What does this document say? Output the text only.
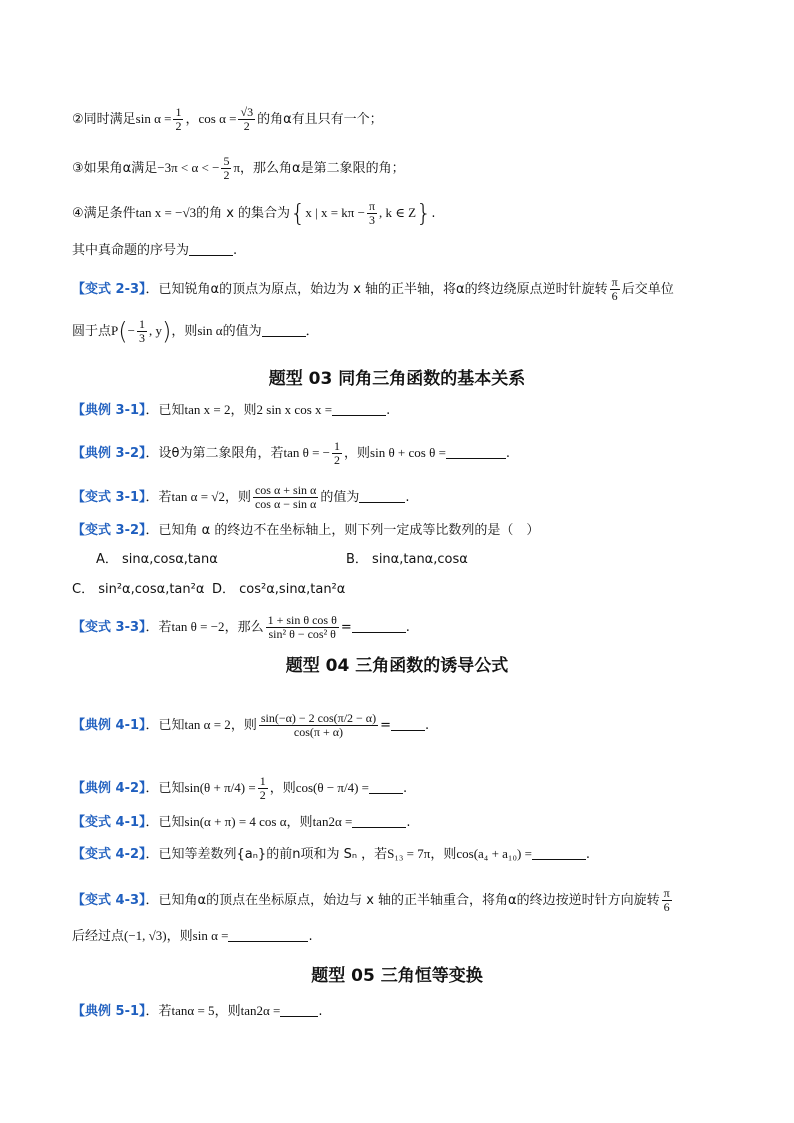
②同时满足$\sin \alpha = \frac{1}{2}$ ，$\cos \alpha = \frac{√3}{2}$ 的角α有且只有一个；
③如果角α满足−3π < α < − $\frac{5}{2}$ π，那么角α是第二象限的角；
④满足条件tan x = −√3的角 x 的集合为{x | $x = k\pi - \frac{\pi}{3}$ , k ∈ Z}.
其中真命题的序号为	.
【变式 2-3】．已知锐角α的顶点为原点，始边为 x 轴的正半轴，将α的终边绕原点逆时针旋转 $\frac{\pi}{6}$ 后交单位
圆于点$P(- \frac{1}{3}$ , y)，则sin α的值为	．
题型 03 同角三角函数的基本关系
【典例 3-1】．已知tan x = 2，则2 sin x cos x =	.
【典例 3-2】．设θ为第二象限角，若tan θ = − $\frac{1}{2}$ ，则sin θ + cos θ =	.
【变式 3-1】．若tan α = √2，则 $\frac{\text{cos α + sin α}}{\text{cos α − sin α}}$ 的值为	.
【变式 3-2】．已知角 α 的终边不在坐标轴上，则下列一定成等比数列的是（　）
A． sinα,cosα,tanα	B． sinα,tanα,cosα
C． sin²α,cosα,tan²α D． cos²α,sinα,tan²α
【变式 3-3】．若tan θ = −2，那么 $\frac{\text{1 + sin θ cos θ}}{\text{sin² θ − cos² θ}}$ =	.
题型 04 三角函数的诱导公式
【典例 4-1】．已知tan α = 2，则 $\frac{\sin(-\alpha) - 2 \cos(\pi/2 - \alpha)}{\cos(\pi + \alpha)}$ =	.
【典例 4-2】．已知$\sin(\theta + \pi/4) = \frac{1}{2}$ ，则cos(θ − π/4) =	.
【变式 4-1】．已知sin(α + π) = 4 cos α，则tan2α =	.
【变式 4-2】．已知等差数列{aₙ}的前n项和为 Sₙ ，若S₁₃ = 7π，则cos(a₄ + a₁₀) =	.
【变式 4-3】．已知角α的顶点在坐标原点，始边与 x 轴的正半轴重合，将角α的终边按逆时针方向旋转 $\frac{\pi}{6}$
后经过点(−1, √3)，则sin α =	.
题型 05 三角恒等变换
【典例 5-1】．若tanα = 5，则tan2α =	.
